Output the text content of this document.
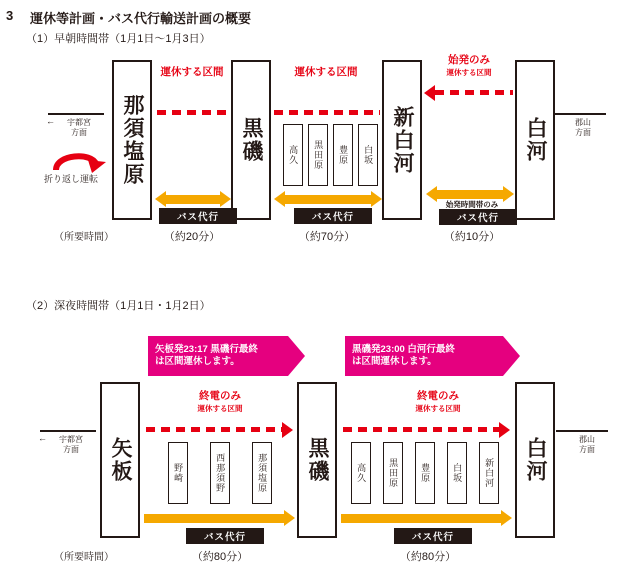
3 運休等計画・バス代行輸送計画の概要
（1）早朝時間帯（1月1日〜1月3日）
（2）深夜時間帯（1月1日・1月2日）
←	宇都宮
方面
郡山
方面
那須塩原	黒磯	新白河	白河
高久	黒田原	豊原	白坂
運休する区間	運休する区間
始発のみ
運休する区間
折り返し運転
バス代行
（約20分）
バス代行
（約70分）
始発時間帯のみ
バス代行
（約10分）
（所要時間）
←	宇都宮
方面
郡山
方面
矢板	黒磯	白河
野崎	西那須野	那須塩原	高久	黒田原	豊原	白坂	新白河
矢板発23:17 黒磯行最終
は区間運休します。
黒磯発23:00 白河行最終
は区間運休します。
終電のみ
運休する区間
終電のみ
運休する区間
バス代行
（約80分）
バス代行
（約80分）
（所要時間）
